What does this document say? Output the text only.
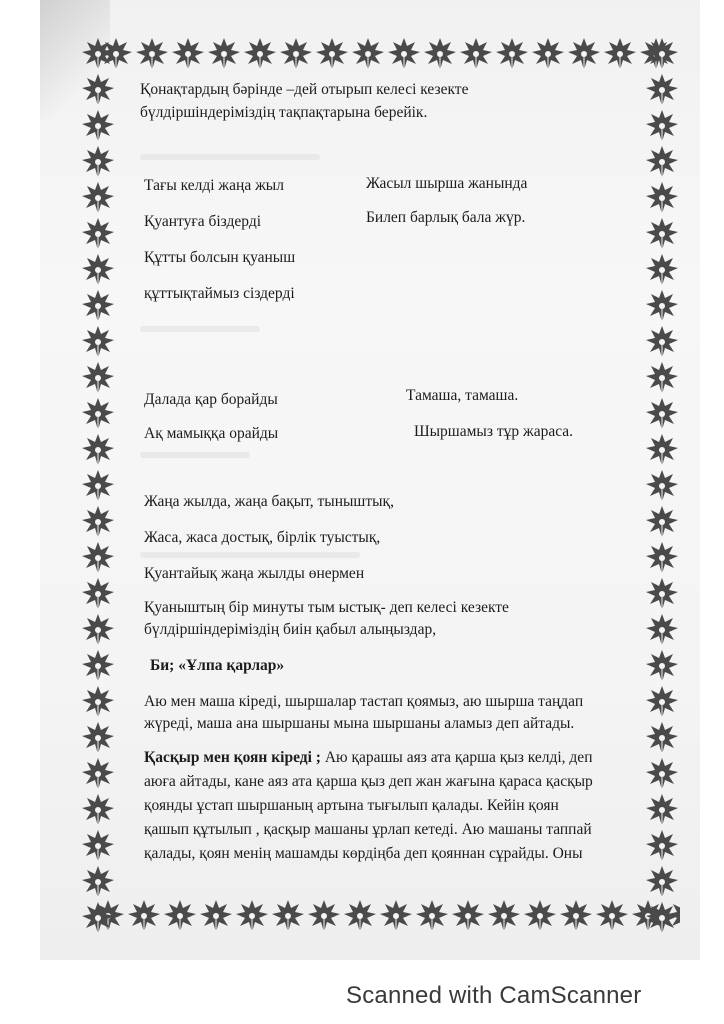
Қонақтардың бәрінде –дей отырып келесі кезекте
бүлдіршіндеріміздің тақпақтарына берейік.
Тағы келді жаңа жыл
Қуантуға біздерді
Құтты болсын қуаныш
құттықтаймыз сіздерді
Жасыл шырша жанында
Билеп барлық бала жүр.
Далада қар борайды
Ақ мамыққа орайды
Тамаша, тамаша.
Шыршамыз тұр жараса.
Жаңа жылда, жаңа бақыт, тыныштық,
Жаса, жаса достық, бірлік туыстық,
Қуантайық жаңа жылды өнермен
Қуаныштың бір минуты тым ыстық- деп келесі кезекте
бүлдіршіндеріміздің биін қабыл алыңыздар,
Би; «Ұлпа қарлар»
Аю мен маша кіреді, шыршалар тастап қоямыз, аю шырша таңдап
жүреді, маша ана шыршаны мына шыршаны аламыз деп айтады.
Қасқыр мен қоян кіреді ; Аю қарашы аяз ата қарша қыз келді, деп
аюға айтады, кане аяз ата қарша қыз деп жан жағына қараса қасқыр
қоянды ұстап шыршаның артына тығылып қалады. Кейін қоян
қашып құтылып , қасқыр машаны ұрлап кетеді. Аю машаны таппай
қалады, қоян менің машамды көрдіңба деп қояннан сұрайды. Оны
Scanned with CamScanner
